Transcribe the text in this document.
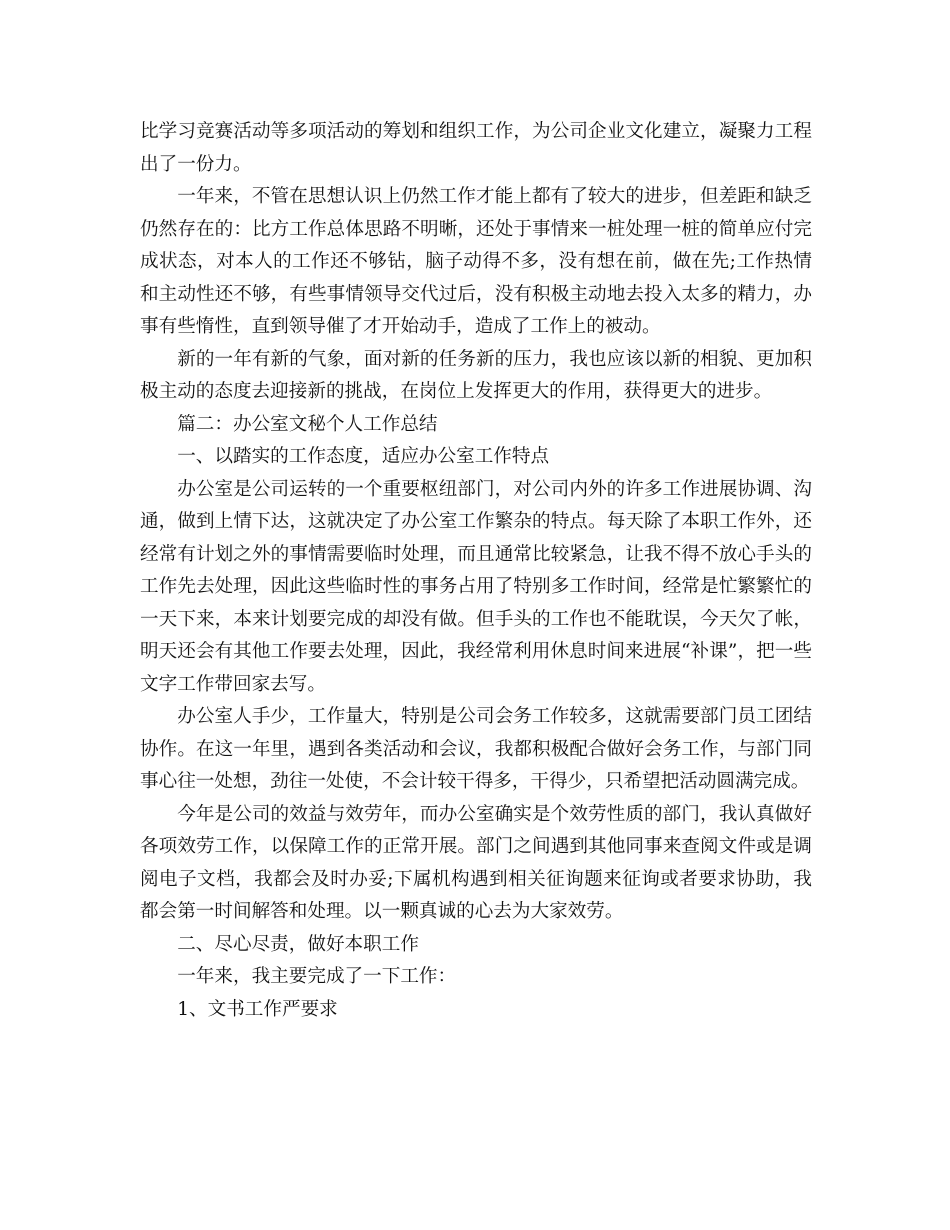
比学习竞赛活动等多项活动的筹划和组织工作，为公司企业文化建立，凝聚力工程出了一份力。

一年来，不管在思想认识上仍然工作才能上都有了较大的进步，但差距和缺乏仍然存在的：比方工作总体思路不明晰，还处于事情来一桩处理一桩的简单应付完成状态，对本人的工作还不够钻，脑子动得不多，没有想在前，做在先;工作热情和主动性还不够，有些事情领导交代过后，没有积极主动地去投入太多的精力，办事有些惰性，直到领导催了才开始动手，造成了工作上的被动。

新的一年有新的气象，面对新的任务新的压力，我也应该以新的相貌、更加积极主动的态度去迎接新的挑战，在岗位上发挥更大的作用，获得更大的进步。

篇二：办公室文秘个人工作总结

一、以踏实的工作态度，适应办公室工作特点

办公室是公司运转的一个重要枢纽部门，对公司内外的许多工作进展协调、沟通，做到上情下达，这就决定了办公室工作繁杂的特点。每天除了本职工作外，还经常有计划之外的事情需要临时处理，而且通常比较紧急，让我不得不放心手头的工作先去处理，因此这些临时性的事务占用了特别多工作时间，经常是忙繁繁忙的一天下来，本来计划要完成的却没有做。但手头的工作也不能耽误，今天欠了帐，明天还会有其他工作要去处理，因此，我经常利用休息时间来进展“补课”，把一些文字工作带回家去写。

办公室人手少，工作量大，特别是公司会务工作较多，这就需要部门员工团结协作。在这一年里，遇到各类活动和会议，我都积极配合做好会务工作，与部门同事心往一处想，劲往一处使，不会计较干得多，干得少，只希望把活动圆满完成。

今年是公司的效益与效劳年，而办公室确实是个效劳性质的部门，我认真做好各项效劳工作，以保障工作的正常开展。部门之间遇到其他同事来查阅文件或是调阅电子文档，我都会及时办妥;下属机构遇到相关征询题来征询或者要求协助，我都会第一时间解答和处理。以一颗真诚的心去为大家效劳。

二、尽心尽责，做好本职工作

一年来，我主要完成了一下工作：

1、文书工作严要求
